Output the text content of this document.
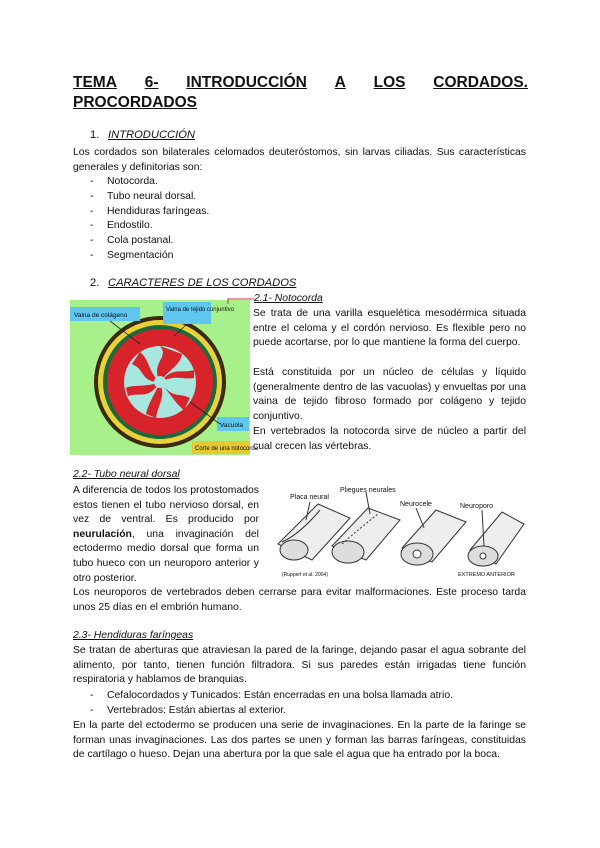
TEMA 6- INTRODUCCIÓN A LOS CORDADOS.
PROCORDADOS
1. INTRODUCCIÓN
Los cordados son bilaterales celomados deuteróstomos, sin larvas ciliadas. Sus características generales y definitorias son:
- Notocorda.
- Tubo neural dorsal.
- Hendiduras faríngeas.
- Endostilo.
- Cola postanal.
- Segmentación
2. CARACTERES DE LOS CORDADOS
Vaina de colágeno
Vaina de tejido conjuntivo
Vacuola
Corte de una notocorda
2.1- Notocorda
Se trata de una varilla esquelética mesodérmica situada entre el celoma y el cordón nervioso. Es flexible pero no puede acortarse, por lo que mantiene la forma del cuerpo.
Está constituida por un núcleo de células y líquido (generalmente dentro de las vacuolas) y envueltas por una vaina de tejido fibroso formado por colágeno y tejido conjuntivo.
En vertebrados la notocorda sirve de núcleo a partir del cual crecen las vértebras.
2.2- Tubo neural dorsal
A diferencia de todos los protostomados estos tienen el tubo nervioso dorsal, en vez de ventral. Es producido por neurulación, una invaginación del ectodermo medio dorsal que forma un tubo hueco con un neuroporo anterior y otro posterior.
Placa neural
Pliegues neurales
Neurocele	Neuroporo
(Ruppert et al. 2004)	EXTREMO ANTERIOR
Los neuroporos de vertebrados deben cerrarse para evitar malformaciones. Este proceso tarda unos 25 días en el embrión humano.
2.3- Hendiduras faríngeas
Se tratan de aberturas que atraviesan la pared de la faringe, dejando pasar el agua sobrante del alimento, por tanto, tienen función filtradora. Si sus paredes están irrigadas tiene función respiratoria y hablamos de branquias.
- Cefalocordados y Tunicados: Están encerradas en una bolsa llamada atrio.
- Vertebrados: Están abiertas al exterior.
En la parte del ectodermo se producen una serie de invaginaciones. En la parte de la faringe se forman unas invaginaciones. Las dos partes se unen y forman las barras faríngeas, constituidas de cartílago o hueso. Dejan una abertura por la que sale el agua que ha entrado por la boca.
